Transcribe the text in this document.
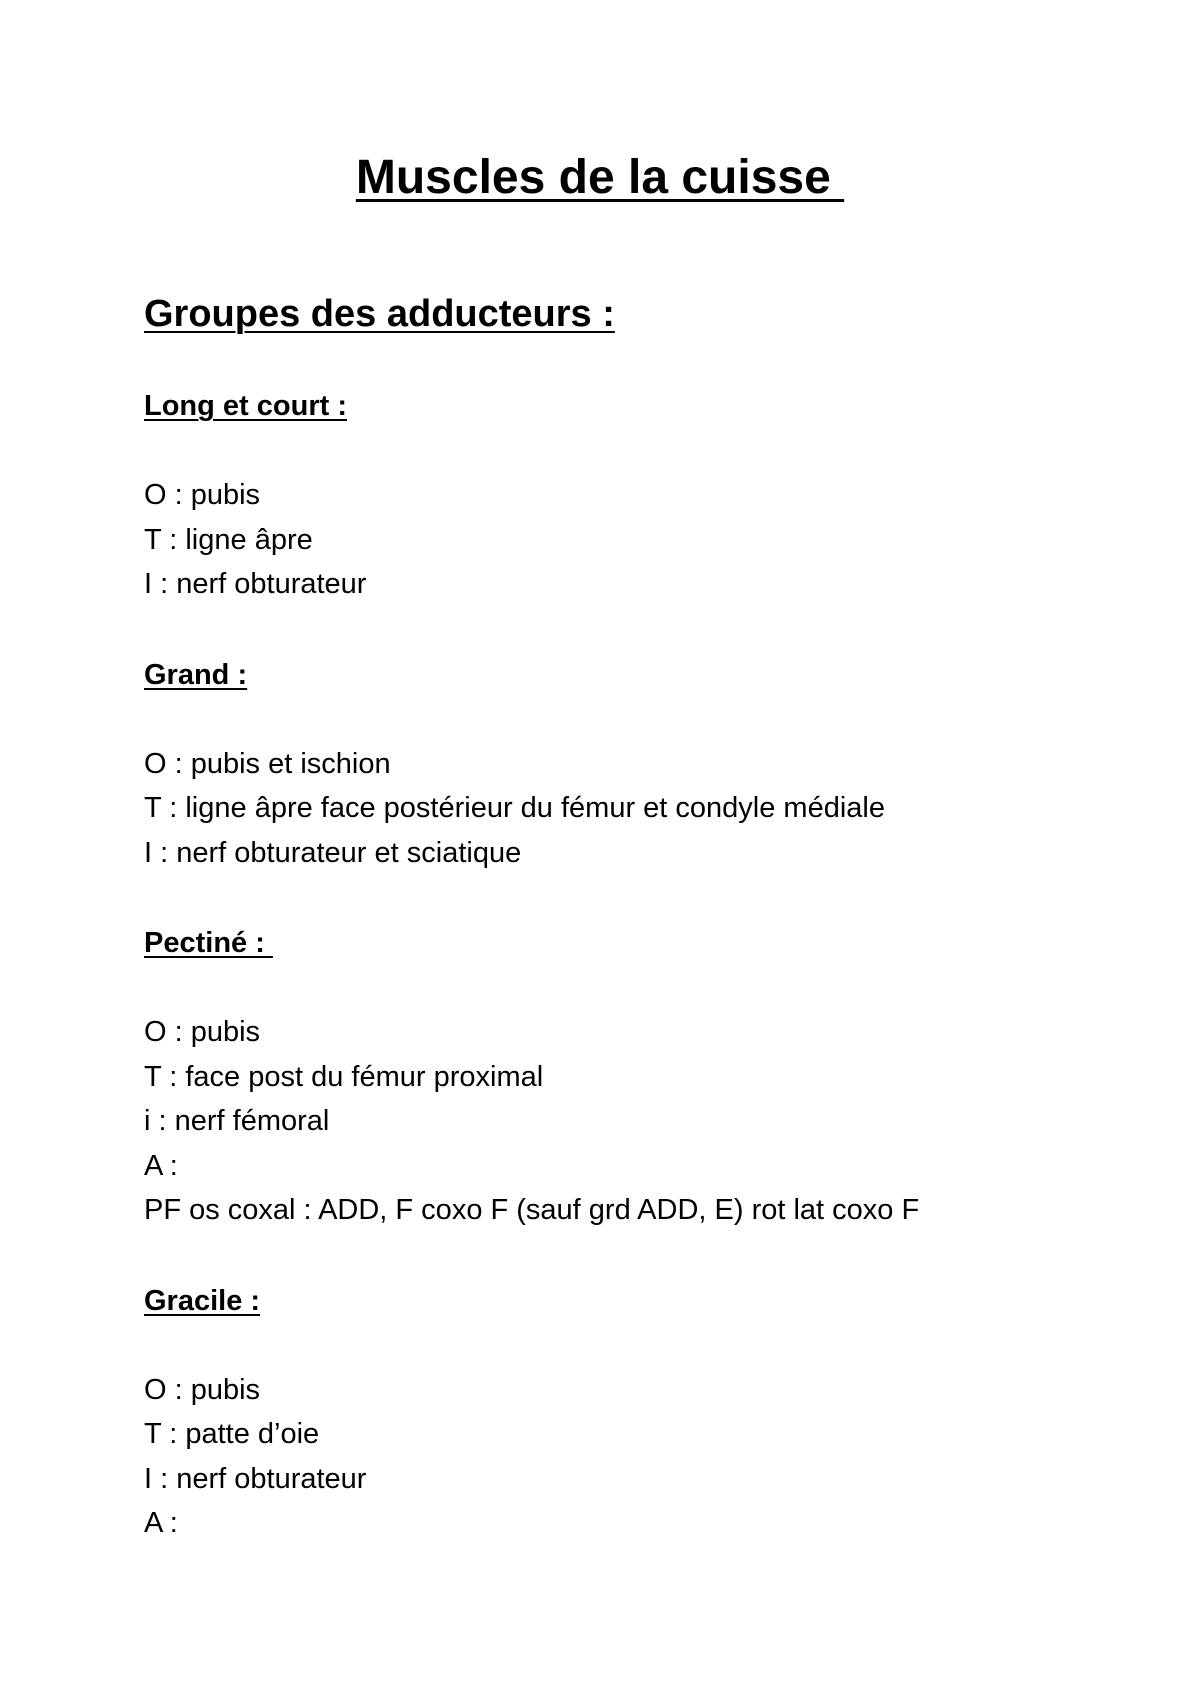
Muscles de la cuisse
Groupes des adducteurs :
Long et court :
O : pubis
T : ligne âpre
I : nerf obturateur
Grand :
O : pubis et ischion
T : ligne âpre face postérieur du fémur et condyle médiale
I : nerf obturateur et sciatique
Pectiné :
O : pubis
T : face post du fémur proximal
i : nerf fémoral
A :
PF os coxal : ADD, F coxo F (sauf grd ADD, E) rot lat coxo F
Gracile :
O : pubis
T : patte d’oie
I : nerf obturateur
A :
